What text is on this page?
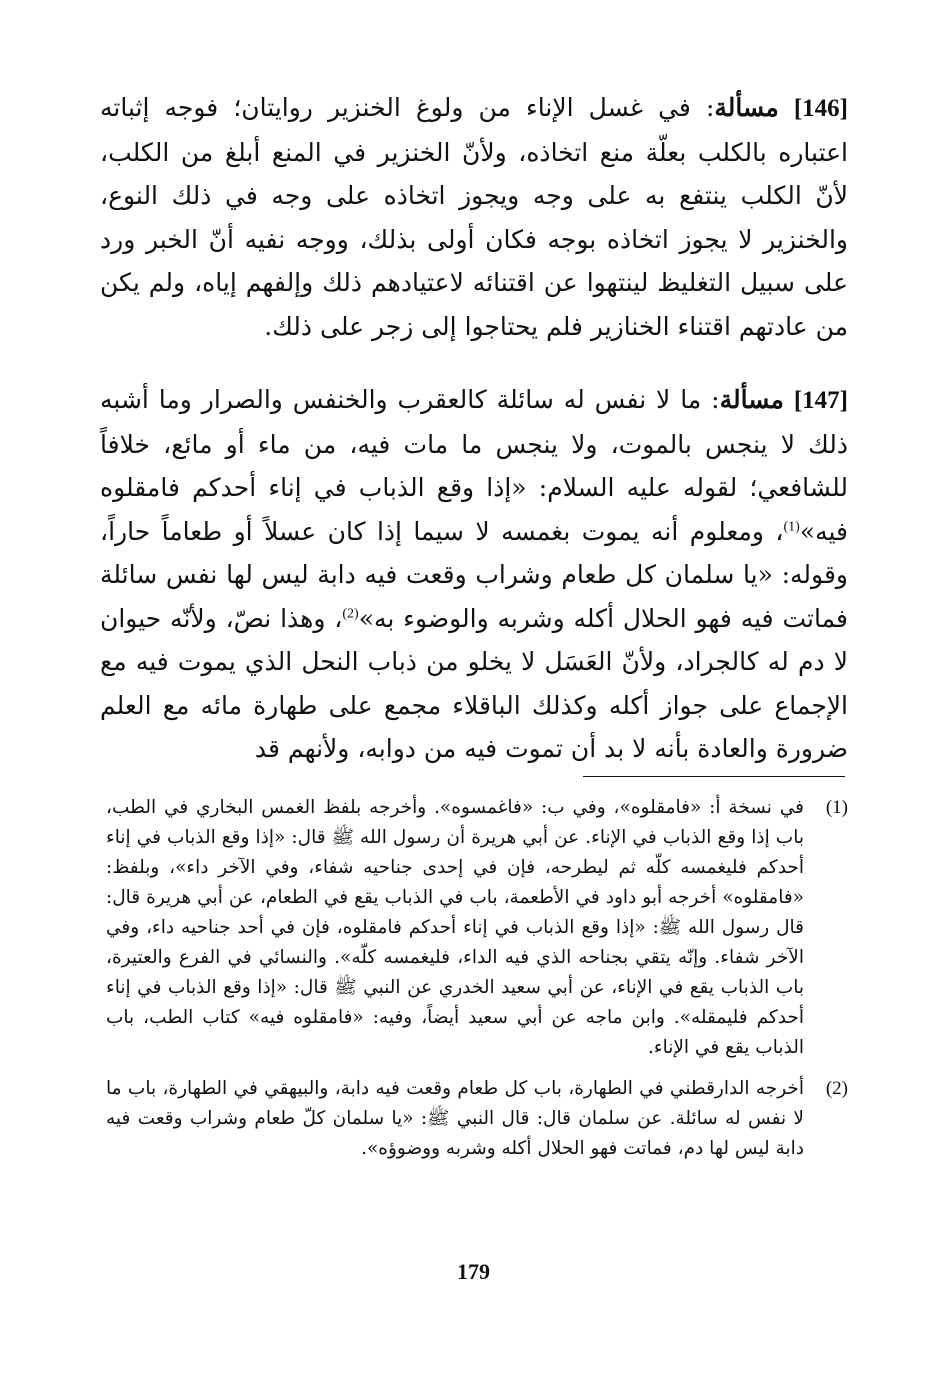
[146] مسألة: في غسل الإناء من ولوغ الخنزير روايتان؛ فوجه إثباته اعتباره بالكلب بعلّة منع اتخاذه، ولأنّ الخنزير في المنع أبلغ من الكلب، لأنّ الكلب ينتفع به على وجه ويجوز اتخاذه على وجه في ذلك النوع، والخنزير لا يجوز اتخاذه بوجه فكان أولى بذلك، ووجه نفيه أنّ الخبر ورد على سبيل التغليظ لينتهوا عن اقتنائه لاعتيادهم ذلك وإلفهم إياه، ولم يكن من عادتهم اقتناء الخنازير فلم يحتاجوا إلى زجر على ذلك.

[147] مسألة: ما لا نفس له سائلة كالعقرب والخنفس والصرار وما أشبه ذلك لا ينجس بالموت، ولا ينجس ما مات فيه، من ماء أو مائع، خلافاً للشافعي؛ لقوله عليه السلام: «إذا وقع الذباب في إناء أحدكم فامقلوه فيه»$^{(1)}$، ومعلوم أنه يموت بغمسه لا سيما إذا كان عسلاً أو طعاماً حاراً، وقوله: «يا سلمان كل طعام وشراب وقعت فيه دابة ليس لها نفس سائلة فماتت فيه فهو الحلال أكله وشربه والوضوء به»$^{(2)}$، وهذا نصّ، ولأنّه حيوان لا دم له كالجراد، ولأنّ العَسَل لا يخلو من ذباب النحل الذي يموت فيه مع الإجماع على جواز أكله وكذلك الباقلاء مجمع على طهارة مائه مع العلم ضرورة والعادة بأنه لا بد أن تموت فيه من دوابه، ولأنهم قد

(1)
في نسخة أ: «فامقلوه»، وفي ب: «فاغمسوه». وأخرجه بلفظ الغمس البخاري في الطب، باب إذا وقع الذباب في الإناء. عن أبي هريرة أن رسول الله ﷺ قال: «إذا وقع الذباب في إناء أحدكم فليغمسه كلّه ثم ليطرحه، فإن في إحدى جناحيه شفاء، وفي الآخر داء»، وبلفظ: «فامقلوه» أخرجه أبو داود في الأطعمة، باب في الذباب يقع في الطعام، عن أبي هريرة قال: قال رسول الله ﷺ: «إذا وقع الذباب في إناء أحدكم فامقلوه، فإن في أحد جناحيه داء، وفي الآخر شفاء. وإنّه يتقي بجناحه الذي فيه الداء، فليغمسه كلّه». والنسائي في الفرع والعتيرة، باب الذباب يقع في الإناء، عن أبي سعيد الخدري عن النبي ﷺ قال: «إذا وقع الذباب في إناء أحدكم فليمقله». وابن ماجه عن أبي سعيد أيضاً، وفيه: «فامقلوه فيه» كتاب الطب، باب الذباب يقع في الإناء.

(2)
أخرجه الدارقطني في الطهارة، باب كل طعام وقعت فيه دابة، والبيهقي في الطهارة، باب ما لا نفس له سائلة. عن سلمان قال: قال النبي ﷺ: «يا سلمان كلّ طعام وشراب وقعت فيه دابة ليس لها دم، فماتت فهو الحلال أكله وشربه ووضوؤه».

179
